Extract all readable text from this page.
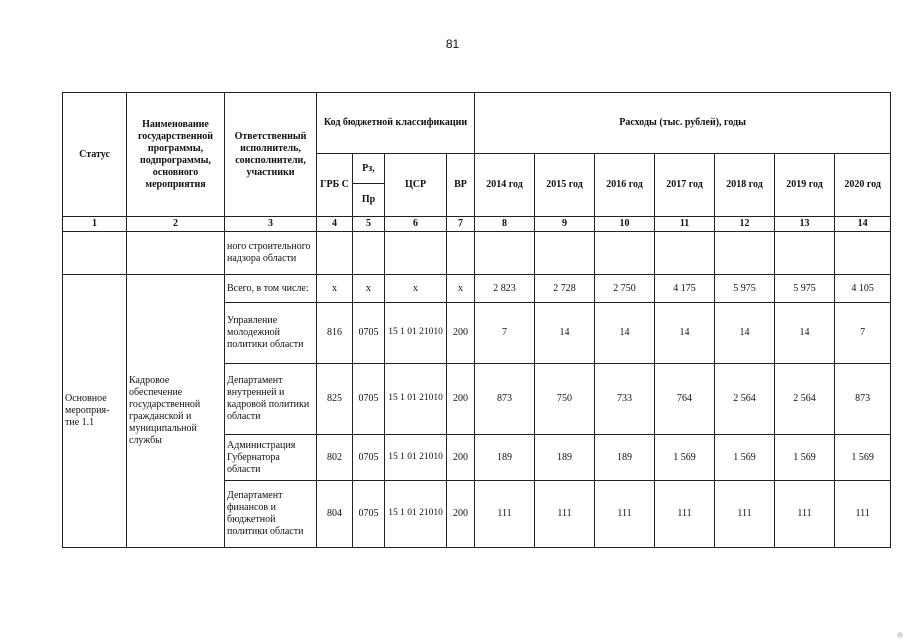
81
Статус	Наименование государственной программы, подпрограммы, основного мероприятия	Ответственный исполнитель, соисполнители, участники	Код бюджетной классификации				Расходы (тыс. рублей), годы						
			ГРБ С	Рз,	ЦСР	ВР	2014 год	2015 год	2016 год	2017 год	2018 год	2019 год	2020 год
				Пр									
1	2	3	4	5	6	7	8	9	10	11	12	13	14
		ного строительного надзора области											
Основное мероприя- тие 1.1	Кадровое обеспечение государственной гражданской и муниципальной службы	Всего, в том числе:	х	х	х	х	2 823	2 728	2 750	4 175	5 975	5 975	4 105
		Управление молодежной политики области	816	0705	15 1 01 21010	200	7	14	14	14	14	14	7
		Департамент внутренней и кадровой политики области	825	0705	15 1 01 21010	200	873	750	733	764	2 564	2 564	873
		Администрация Губернатора области	802	0705	15 1 01 21010	200	189	189	189	1 569	1 569	1 569	1 569
		Департамент финансов и бюджетной политики области	804	0705	15 1 01 21010	200	111	111	111	111	111	111	111
